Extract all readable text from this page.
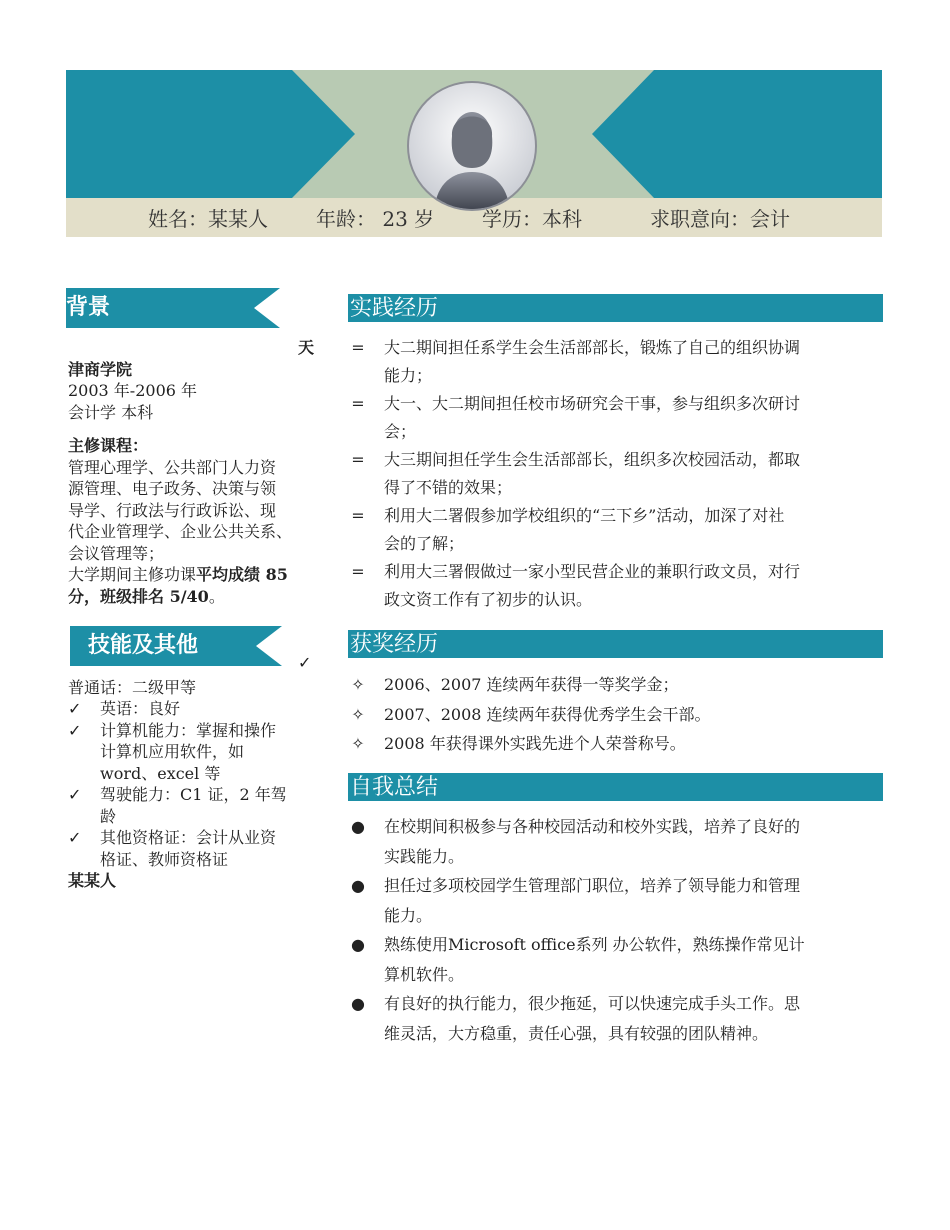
姓名：某某人 年龄： 23 岁 学历：本科	求职意向：会计
背景
天
津商学院
2003 年-2006 年
会计学 本科
主修课程：
管理心理学、公共部门人力资
源管理、电子政务、决策与领
导学、行政法与行政诉讼、现
代企业管理学、企业公共关系、
会议管理等；
大学期间主修功课平均成绩 85
分，班级排名 5/40。
技能及其他
✓
普通话：二级甲等
✓ 英语：良好
✓ 计算机能力：掌握和操作
计算机应用软件，如
word、excel 等
✓ 驾驶能力：C1 证，2 年驾
龄
✓ 其他资格证：会计从业资
格证、教师资格证
某某人
实践经历
= 大二期间担任系学生会生活部部长，锻炼了自己的组织协调
能力；
= 大一、大二期间担任校市场研究会干事，参与组织多次研讨
会；
= 大三期间担任学生会生活部部长，组织多次校园活动，都取
得了不错的效果；
= 利用大二署假参加学校组织的“三下乡”活动，加深了对社
会的了解；
= 利用大三署假做过一家小型民营企业的兼职行政文员，对行
政文资工作有了初步的认识。
获奖经历
✧ 2006、2007 连续两年获得一等奖学金；
✧ 2007、2008 连续两年获得优秀学生会干部。
✧ 2008 年获得课外实践先进个人荣誉称号。
自我总结
● 在校期间积极参与各种校园活动和校外实践，培养了良好的
实践能力。
● 担任过多项校园学生管理部门职位，培养了领导能力和管理
能力。
● 熟练使用Microsoft office系列 办公软件，熟练操作常见计
算机软件。
● 有良好的执行能力，很少拖延，可以快速完成手头工作。思
维灵活，大方稳重，责任心强，具有较强的团队精神。
